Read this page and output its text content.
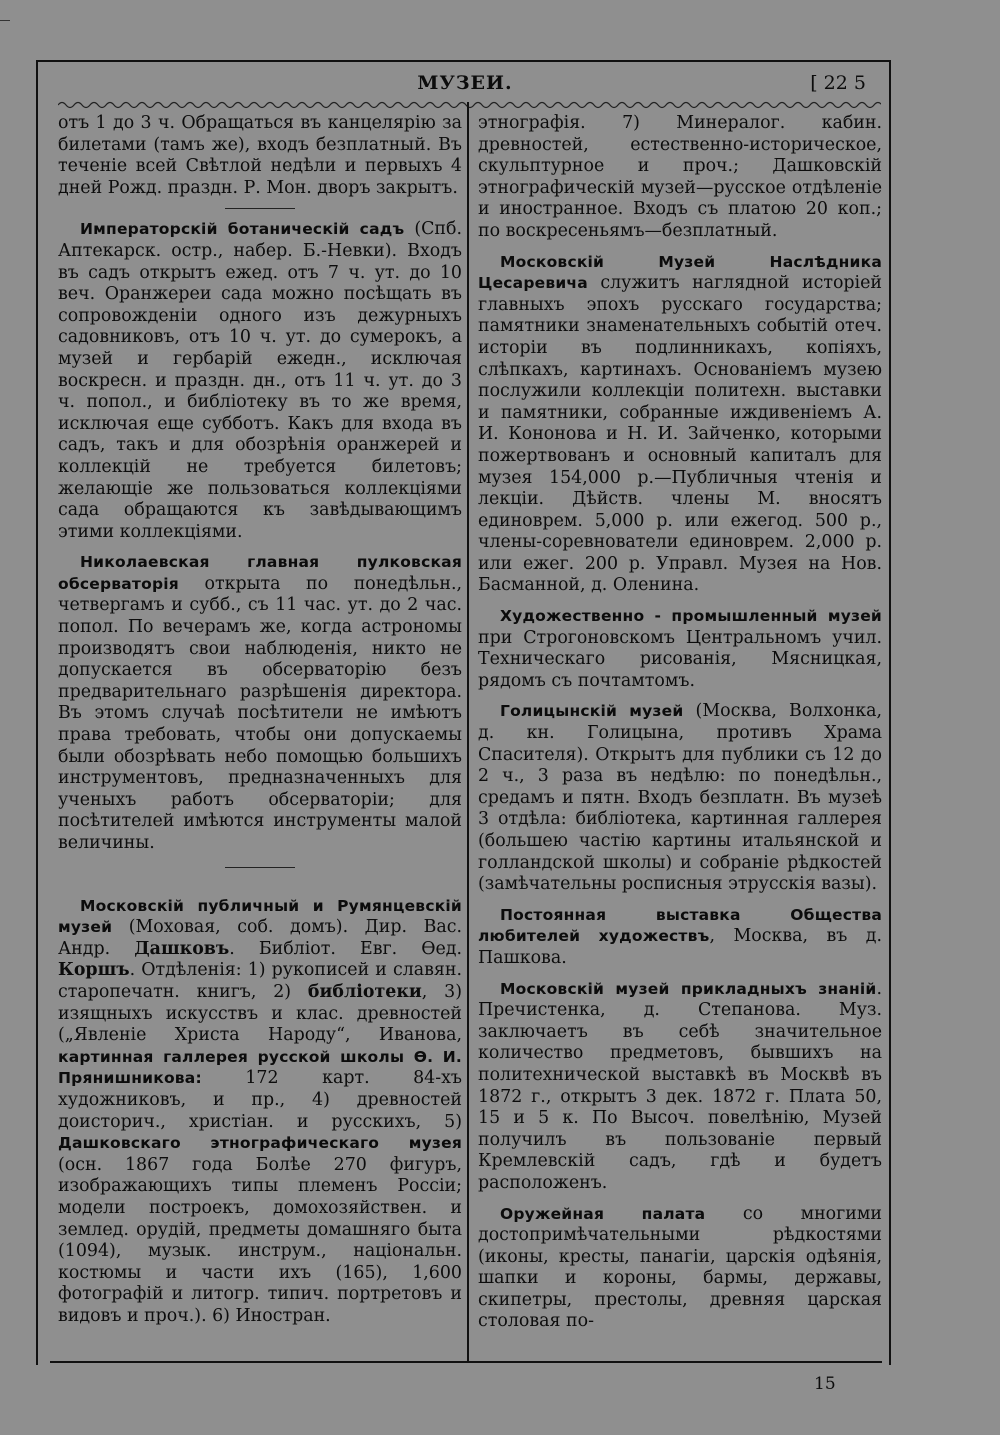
МУЗЕИ.	[ 22 5

отъ 1 до 3 ч. Обращаться въ канцелярію за билетами (тамъ же), входъ безплатный. Въ теченіе всей Свѣтлой недѣли и первыхъ 4 дней Рожд. праздн. Р. Мон. дворъ закрытъ.

Императорскій ботаническій садъ (Спб. Аптекарск. остр., набер. Б.-Невки). Входъ въ садъ открытъ ежед. отъ 7 ч. ут. до 10 веч. Оранжереи сада можно посѣщать въ сопровожденіи одного изъ дежурныхъ садовниковъ, отъ 10 ч. ут. до сумерокъ, а музей и гербарій ежедн., исключая воскресн. и праздн. дн., отъ 11 ч. ут. до 3 ч. попол., и библіотеку въ то же время, исключая еще субботъ. Какъ для входа въ садъ, такъ и для обозрѣнія оранжерей и коллекцій не требуется билетовъ; желающіе же пользоваться коллекціями сада обращаются къ завѣдывающимъ этими коллекціями.

Николаевская главная пулковская обсерваторія открыта по понедѣльн., четвергамъ и субб., съ 11 час. ут. до 2 час. попол. По вечерамъ же, когда астрономы производятъ свои наблюденія, никто не допускается въ обсерваторію безъ предварительнаго разрѣшенія директора. Въ этомъ случаѣ посѣтители не имѣютъ права требовать, чтобы они допускаемы были обозрѣвать небо помощью большихъ инструментовъ, предназначенныхъ для ученыхъ работъ обсерваторіи; для посѣтителей имѣются инструменты малой величины.

Московскій публичный и Румянцевскій музей (Моховая, соб. домъ). Дир. Вас. Андр. Дашковъ. Библіот. Евг. Ѳед. Коршъ. Отдѣленія: 1) рукописей и славян. старопечатн. книгъ, 2) библіотеки, 3) изящныхъ искусствъ и клас. древностей („Явленіе Христа Народу“, Иванова, картинная галлерея русской школы Ѳ. И. Прянишникова: 172 карт. 84-хъ художниковъ, и пр., 4) древностей доисторич., христіан. и русскихъ, 5) Дашковскаго этнографическаго музея (осн. 1867 года Болѣе 270 фигуръ, изображающихъ типы племенъ Россіи; модели построекъ, домохозяйствен. и землед. орудій, предметы домашняго быта (1094), музык. инструм., національн. костюмы и части ихъ (165), 1,600 фотографій и литогр. типич. портретовъ и видовъ и проч.). 6) Иностран.

этнографія. 7) Минералог. кабин. древностей, естественно-историческое, скульптурное и проч.; Дашковскій этнографическій музей—русское отдѣленіе и иностранное. Входъ съ платою 20 коп.; по воскресеньямъ—безплатный.

Московскій Музей Наслѣдника Цесаревича служитъ наглядной исторіей главныхъ эпохъ русскаго государства; памятники знаменательныхъ событій отеч. исторіи въ подлинникахъ, копіяхъ, слѣпкахъ, картинахъ. Основаніемъ музею послужили коллекціи политехн. выставки и памятники, собранные иждивеніемъ А. И. Кононова и Н. И. Зайченко, которыми пожертвованъ и основный капиталъ для музея 154,000 р.—Публичныя чтенія и лекціи. Дѣйств. члены М. вносятъ единоврем. 5,000 р. или ежегод. 500 р., члены-соревнователи единоврем. 2,000 р. или ежег. 200 р. Управл. Музея на Нов. Басманной, д. Оленина.

Художественно - промышленный музей при Строгоновскомъ Центральномъ учил. Техническаго рисованія, Мясницкая, рядомъ съ почтамтомъ.

Голицынскій музей (Москва, Волхонка, д. кн. Голицына, противъ Храма Спасителя). Открытъ для публики съ 12 до 2 ч., 3 раза въ недѣлю: по понедѣльн., средамъ и пятн. Входъ безплатн. Въ музеѣ 3 отдѣла: библіотека, картинная галлерея (большею частію картины итальянской и голландской школы) и собраніе рѣдкостей (замѣчательны росписныя этрусскія вазы).

Постоянная выставка Общества любителей художествъ, Москва, въ д. Пашкова.

Московскій музей прикладныхъ знаній. Пречистенка, д. Степанова. Муз. заключаетъ въ себѣ значительное количество предметовъ, бывшихъ на политехнической выставкѣ въ Москвѣ въ 1872 г., открытъ 3 дек. 1872 г. Плата 50, 15 и 5 к. По Высоч. повелѣнію, Музей получилъ въ пользованіе первый Кремлевскій садъ, гдѣ и будетъ расположенъ.

Оружейная палата со многими достопримѣчательными рѣдкостями (иконы, кресты, панагіи, царскія одѣянія, шапки и короны, бармы, державы, скипетры, престолы, древняя царская столовая по-

15
